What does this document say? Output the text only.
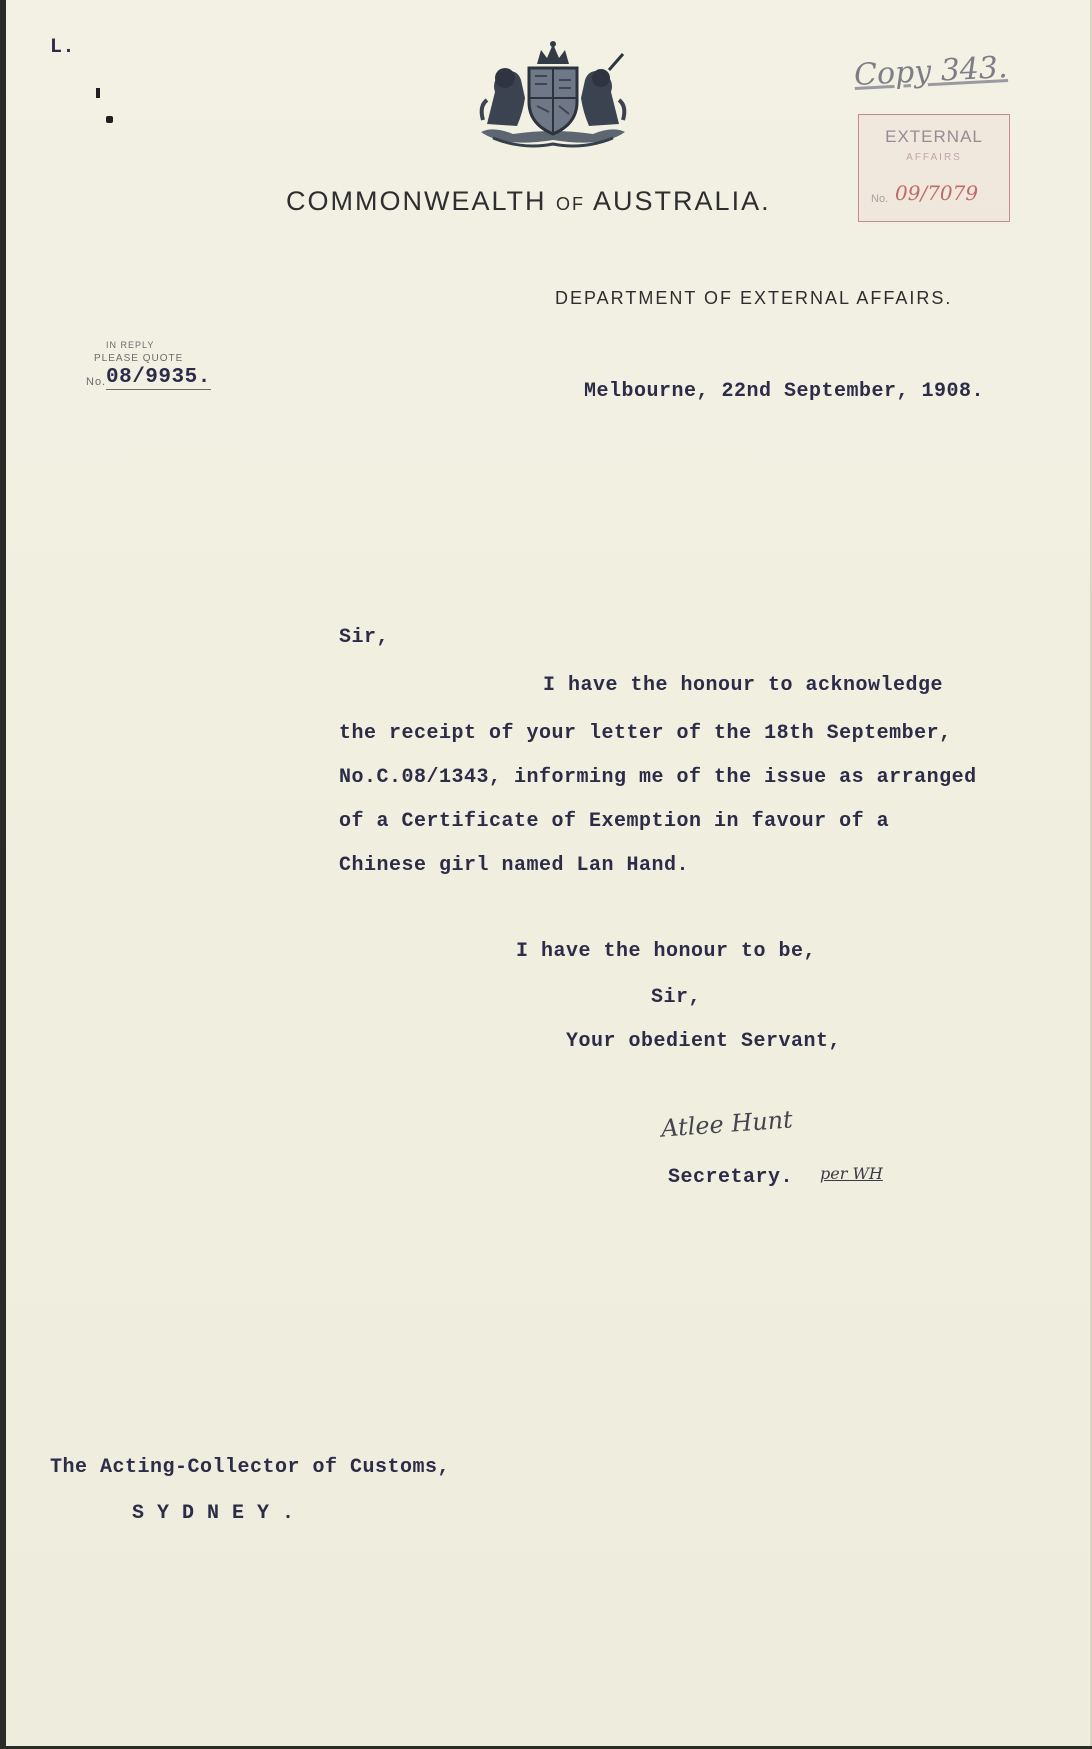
L.
Copy 343.
EXTERNAL
AFFAIRS
No. 09/7079
COMMONWEALTH OF AUSTRALIA.
DEPARTMENT OF EXTERNAL AFFAIRS.
IN REPLY
PLEASE QUOTE
No. 08/9935.
Melbourne, 22nd September, 1908.
Sir,
I have the honour to acknowledge
the receipt of your letter of the 18th September,
No.C.08/1343, informing me of the issue as arranged
of a Certificate of Exemption in favour of a
Chinese girl named Lan Hand.
I have the honour to be,
Sir,
Your obedient Servant,
Atlee Hunt
Secretary. per WH
The Acting-Collector of Customs,
S Y D N E Y .
